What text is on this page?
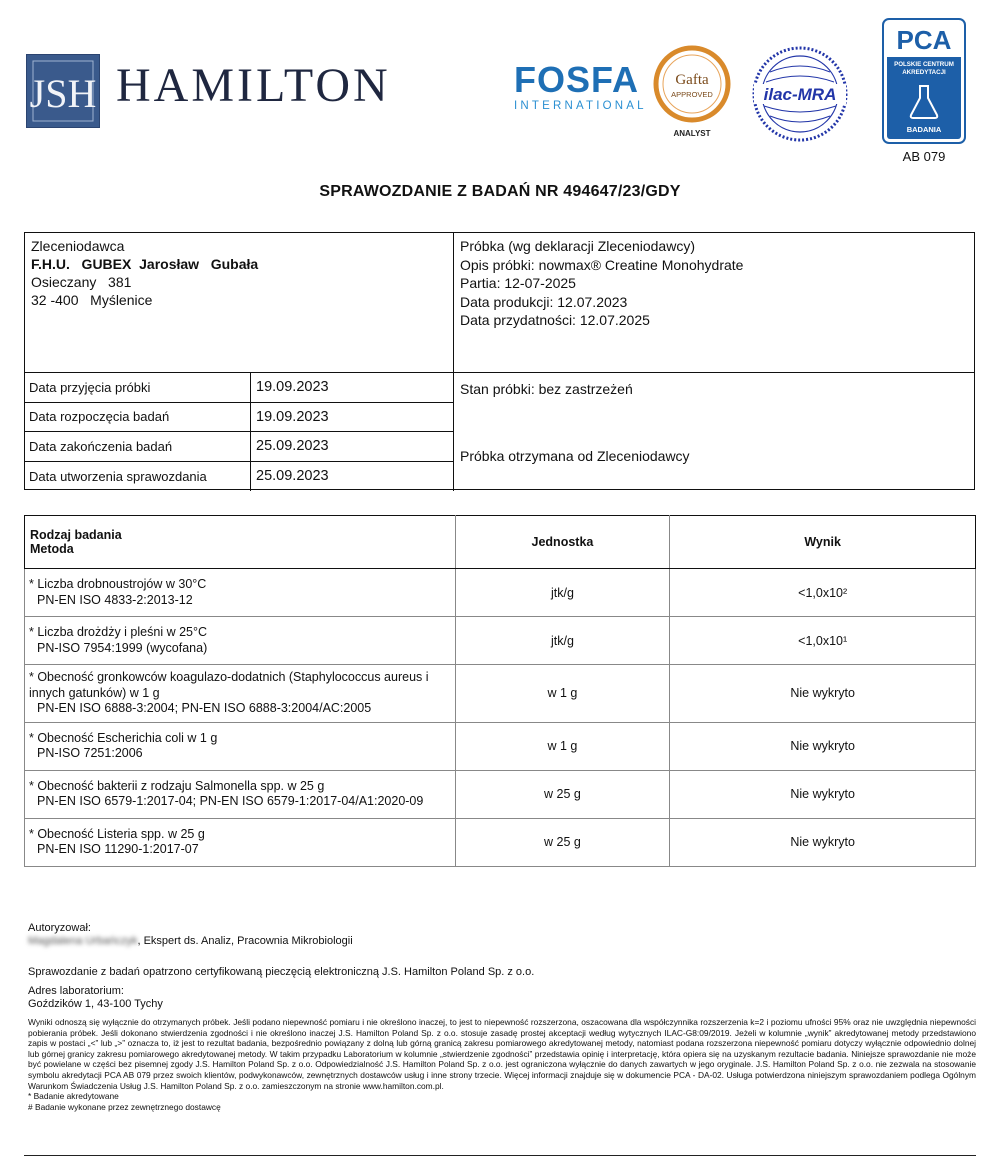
JSH HAMILTON	FOSFA
INTERNATIONAL
Gafta
APPROVED
ANALYST
ilac-MRA
PCA
POLSKIE CENTRUM
AKREDYTACJI
BADANIA
AB 079
SPRAWOZDANIE Z BADAŃ NR 494647/23/GDY
Zleceniodawca
F.H.U.   GUBEX  Jarosław   Gubała
Osieczany   381
32 -400   Myślenice
Próbka (wg deklaracji Zleceniodawcy)
Opis próbki: nowmax® Creatine Monohydrate
Partia: 12-07-2025
Data produkcji: 12.07.2023
Data przydatności: 12.07.2025
Data przyjęcia próbki	19.09.2023
Data rozpoczęcia badań	19.09.2023
Data zakończenia badań	25.09.2023
Data utworzenia sprawozdania	25.09.2023
Stan próbki: bez zastrzeżeń
Próbka otrzymana od Zleceniodawcy
Rodzaj badania
Metoda	Jednostka	Wynik

* Liczba drobnoustrojów w 30°C
PN-EN ISO 4833-2:2013-12	jtk/g	<1,0x10²

* Liczba drożdży i pleśni w 25°C
PN-ISO 7954:1999 (wycofana)	jtk/g	<1,0x10¹

* Obecność gronkowców koagulazo-dodatnich (Staphylococcus aureus i innych gatunków) w 1 g
PN-EN ISO 6888-3:2004; PN-EN ISO 6888-3:2004/AC:2005	w 1 g	Nie wykryto

* Obecność Escherichia coli w 1 g
PN-ISO 7251:2006	w 1 g	Nie wykryto

* Obecność bakterii z rodzaju Salmonella spp. w 25 g
PN-EN ISO 6579-1:2017-04; PN-EN ISO 6579-1:2017-04/A1:2020-09	w 25 g	Nie wykryto

* Obecność Listeria spp. w 25 g
PN-EN ISO 11290-1:2017-07	w 25 g	Nie wykryto
Autoryzował:
Magdalena Urbańczyk, Ekspert ds. Analiz, Pracownia Mikrobiologii
Sprawozdanie z badań opatrzono certyfikowaną pieczęcią elektroniczną J.S. Hamilton Poland Sp. z o.o.
Adres laboratorium:
Goździków 1, 43-100 Tychy
Wyniki odnoszą się wyłącznie do otrzymanych próbek. Jeśli podano niepewność pomiaru i nie określono inaczej, to jest to niepewność rozszerzona, oszacowana dla współczynnika rozszerzenia k=2 i poziomu ufności 95% oraz nie uwzględnia niepewności pobierania próbek. Jeśli dokonano stwierdzenia zgodności i nie określono inaczej J.S. Hamilton Poland Sp. z o.o. stosuje zasadę prostej akceptacji według wytycznych ILAC-G8:09/2019. Jeżeli w kolumnie „wynik” akredytowanej metody przedstawiono zapis w postaci „<” lub „>” oznacza to, iż jest to rezultat badania, bezpośrednio powiązany z dolną lub górną granicą zakresu pomiarowego akredytowanej metody, natomiast podana rozszerzona niepewność pomiaru dotyczy wyłącznie odpowiednio dolnej lub górnej granicy zakresu pomiarowego akredytowanej metody. W takim przypadku Laboratorium w kolumnie „stwierdzenie zgodności” przedstawia opinię i interpretację, która opiera się na uzyskanym rezultacie badania. Niniejsze sprawozdanie nie może być powielane w części bez pisemnej zgody J.S. Hamilton Poland Sp. z o.o. Odpowiedzialność J.S. Hamilton Poland Sp. z o.o. jest ograniczona wyłącznie do danych zawartych w jego oryginale. J.S. Hamilton Poland Sp. z o.o. nie zezwala na stosowanie symbolu akredytacji PCA AB 079 przez swoich klientów, podwykonawców, zewnętrznych dostawców usług i inne strony trzecie. Więcej informacji znajduje się w dokumencie PCA - DA-02. Usługa potwierdzona niniejszym sprawozdaniem podlega Ogólnym Warunkom Świadczenia Usług J.S. Hamilton Poland Sp. z o.o. zamieszczonym na stronie www.hamilton.com.pl.
* Badanie akredytowane
# Badanie wykonane przez zewnętrznego dostawcę
